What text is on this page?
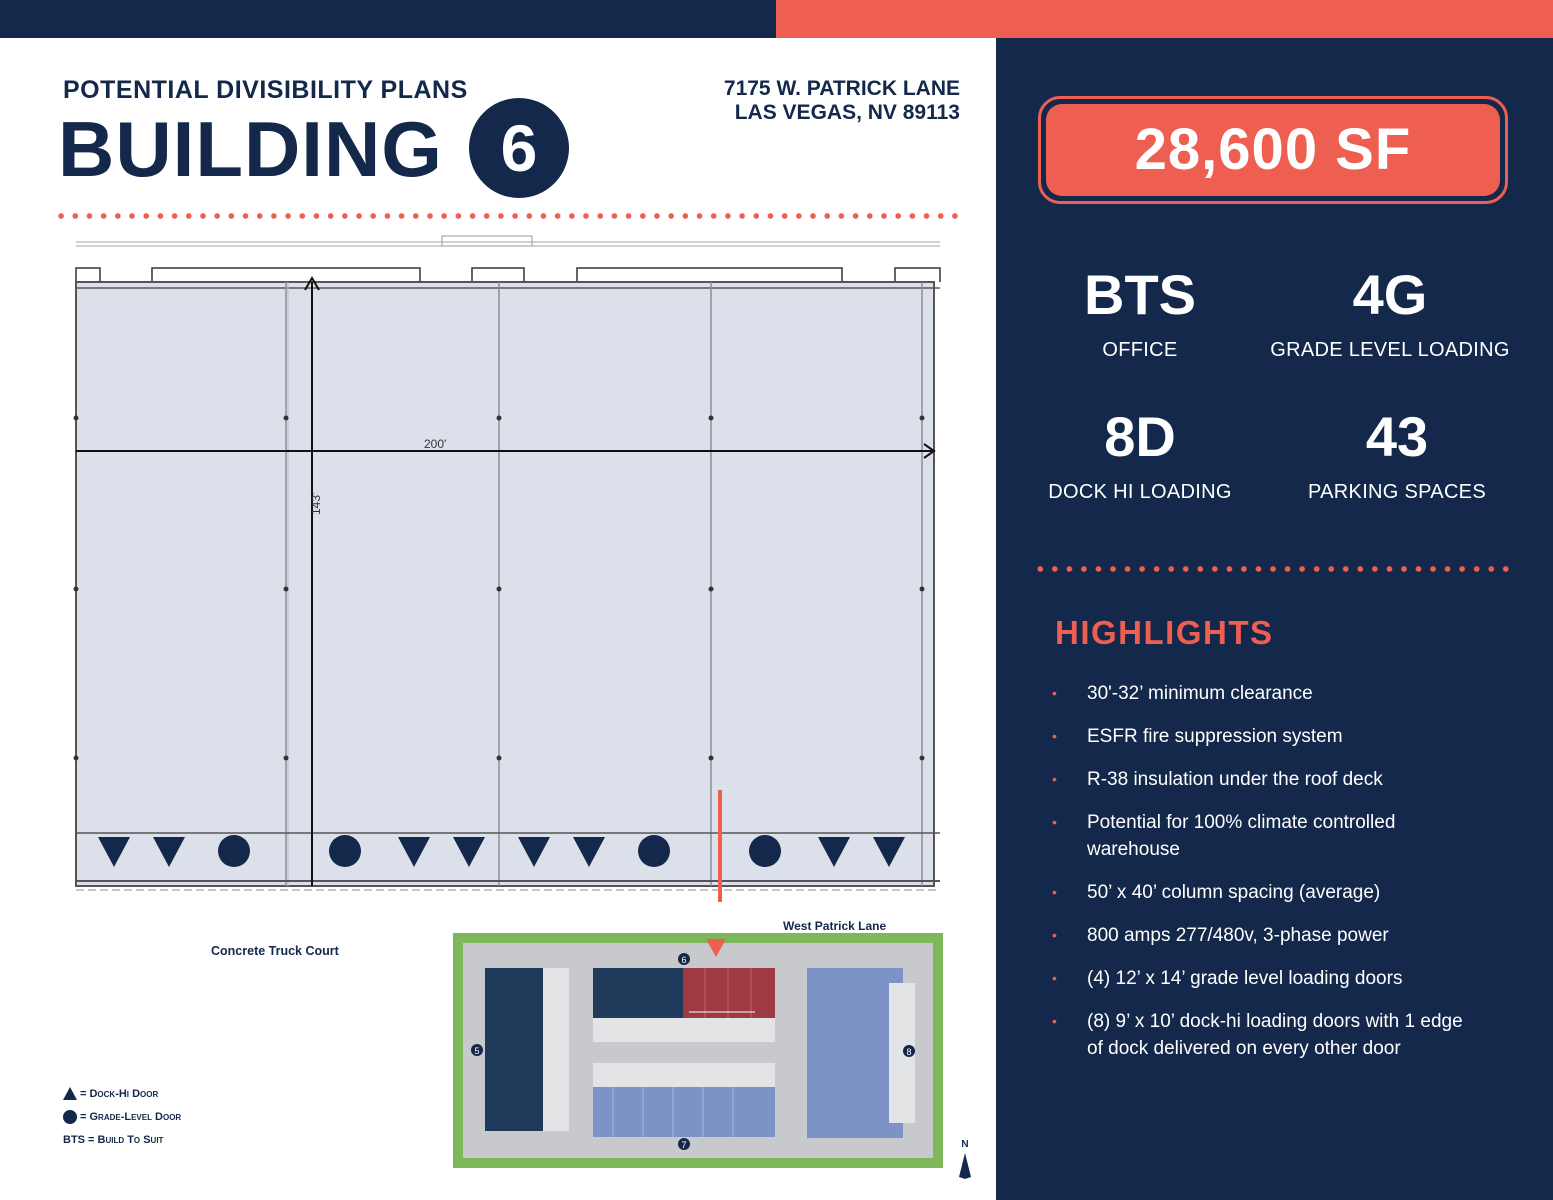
POTENTIAL DIVISIBILITY PLANS
BUILDING 6
7175 W. PATRICK LANE
LAS VEGAS, NV 89113
200'
143'
West Patrick Lane
6
5	8
7	N
Concrete Truck Court
= Dock-Hi Door
= Grade-Level Door
BTS = Build To Suit
28,600 SF
BTS
OFFICE
4G
GRADE LEVEL LOADING
8D
DOCK HI LOADING
43
PARKING SPACES
HIGHLIGHTS
• 30'-32’ minimum clearance
• ESFR fire suppression system
• R-38 insulation under the roof deck
• Potential for 100% climate controlled warehouse
• 50’ x 40’ column spacing (average)
• 800 amps 277/480v, 3-phase power
• (4) 12’ x 14’ grade level loading doors
• (8) 9’ x 10’ dock-hi loading doors with 1 edge of dock delivered on every other door
